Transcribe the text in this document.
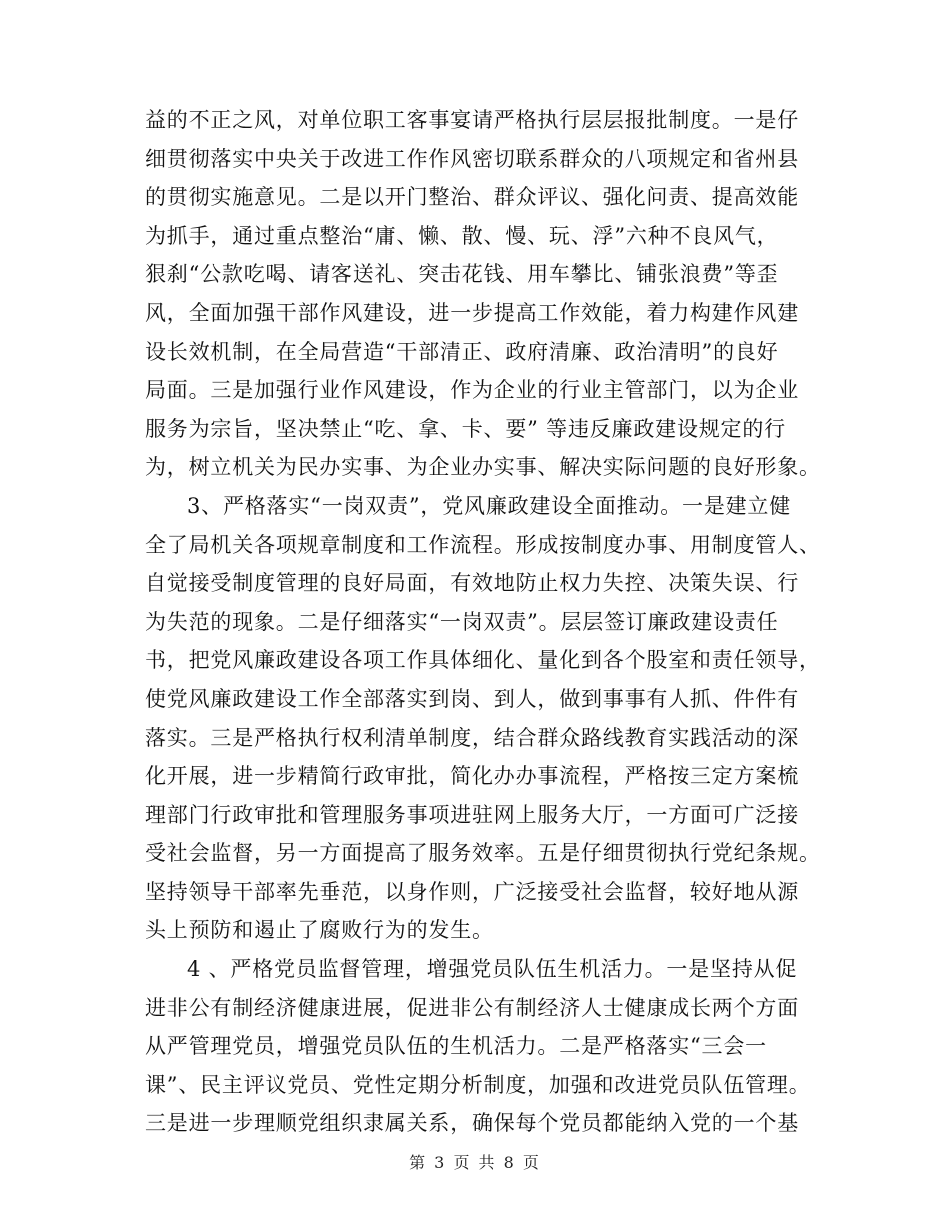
益的不正之风，对单位职工客事宴请严格执行层层报批制度。一是仔
细贯彻落实中央关于改进工作作风密切联系群众的八项规定和省州县
的贯彻实施意见。二是以开门整治、群众评议、强化问责、提高效能
为抓手，通过重点整治“庸、懒、散、慢、玩、浮”六种不良风气，
狠刹“公款吃喝、请客送礼、突击花钱、用车攀比、铺张浪费”等歪
风，全面加强干部作风建设，进一步提高工作效能，着力构建作风建
设长效机制，在全局营造“干部清正、政府清廉、政治清明”的良好
局面。三是加强行业作风建设，作为企业的行业主管部门，以为企业
服务为宗旨，坚决禁止“吃、拿、卡、要” 等违反廉政建设规定的行
为，树立机关为民办实事、为企业办实事、解决实际问题的良好形象。
3、严格落实“一岗双责”，党风廉政建设全面推动。一是建立健
全了局机关各项规章制度和工作流程。形成按制度办事、用制度管人、
自觉接受制度管理的良好局面，有效地防止权力失控、决策失误、行
为失范的现象。二是仔细落实“一岗双责”。层层签订廉政建设责任
书，把党风廉政建设各项工作具体细化、量化到各个股室和责任领导，
使党风廉政建设工作全部落实到岗、到人，做到事事有人抓、件件有
落实。三是严格执行权利清单制度，结合群众路线教育实践活动的深
化开展，进一步精简行政审批，简化办办事流程，严格按三定方案梳
理部门行政审批和管理服务事项进驻网上服务大厅，一方面可广泛接
受社会监督，另一方面提高了服务效率。五是仔细贯彻执行党纪条规。
坚持领导干部率先垂范，以身作则，广泛接受社会监督，较好地从源
头上预防和遏止了腐败行为的发生。
4 、严格党员监督管理，增强党员队伍生机活力。一是坚持从促
进非公有制经济健康进展，促进非公有制经济人士健康成长两个方面
从严管理党员，增强党员队伍的生机活力。二是严格落实“三会一
课”、民主评议党员、党性定期分析制度，加强和改进党员队伍管理。
三是进一步理顺党组织隶属关系，确保每个党员都能纳入党的一个基
第 3 页 共 8 页
